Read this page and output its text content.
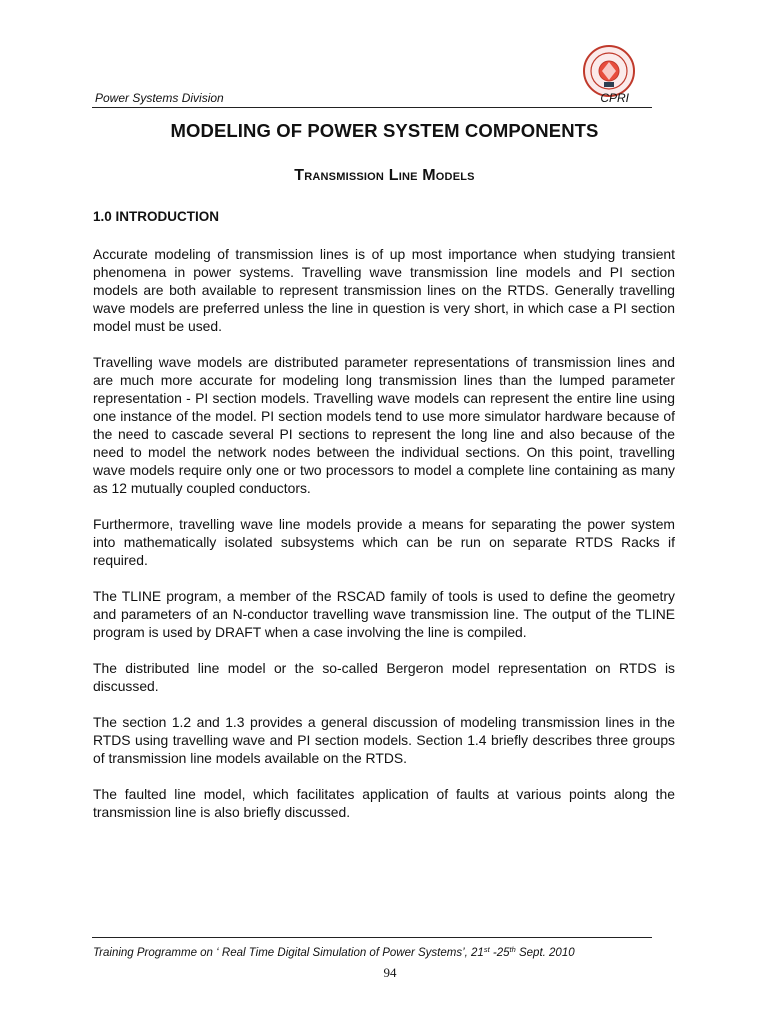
Power Systems Division	CPRI
MODELING OF POWER SYSTEM COMPONENTS
Transmission Line Models
1.0 INTRODUCTION

Accurate modeling of transmission lines is of up most importance when studying transient phenomena in power systems. Travelling wave transmission line models and PI section models are both available to represent transmission lines on the RTDS. Generally travelling wave models are preferred unless the line in question is very short, in which case a PI section model must be used.

Travelling wave models are distributed parameter representations of transmission lines and are much more accurate for modeling long transmission lines than the lumped parameter representation - PI section models. Travelling wave models can represent the entire line using one instance of the model. PI section models tend to use more simulator hardware because of the need to cascade several PI sections to represent the long line and also because of the need to model the network nodes between the individual sections. On this point, travelling wave models require only one or two processors to model a complete line containing as many as 12 mutually coupled conductors.

Furthermore, travelling wave line models provide a means for separating the power system into mathematically isolated subsystems which can be run on separate RTDS Racks if required.

The TLINE program, a member of the RSCAD family of tools is used to define the geometry and parameters of an N-conductor travelling wave transmission line. The output of the TLINE program is used by DRAFT when a case involving the line is compiled.

The distributed line model or the so-called Bergeron model representation on RTDS is discussed.

The section 1.2 and 1.3 provides a general discussion of modeling transmission lines in the RTDS using travelling wave and PI section models. Section 1.4 briefly describes three groups of transmission line models available on the RTDS.

The faulted line model, which facilitates application of faults at various points along the transmission line is also briefly discussed.

Training Programme on ‘ Real Time Digital Simulation of Power Systems’, 21st -25th Sept. 2010
94
